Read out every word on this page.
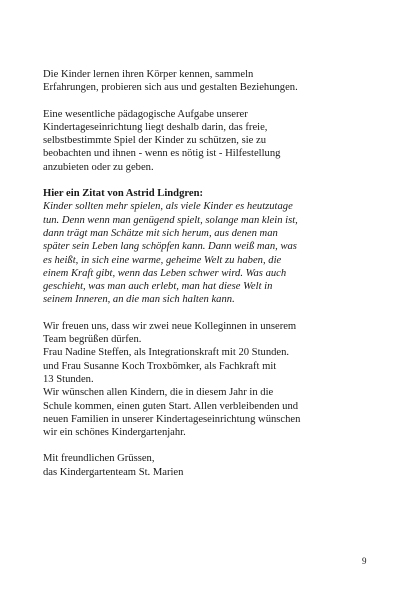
Die Kinder lernen ihren Körper kennen, sammeln
Erfahrungen, probieren sich aus und gestalten Beziehungen.
Eine wesentliche pädagogische Aufgabe unserer
Kindertageseinrichtung liegt deshalb darin, das freie,
selbstbestimmte Spiel der Kinder zu schützen, sie zu
beobachten und ihnen - wenn es nötig ist - Hilfestellung
anzubieten oder zu geben.
Hier ein Zitat von Astrid Lindgren:
Kinder sollten mehr spielen, als viele Kinder es heutzutage
tun. Denn wenn man genügend spielt, solange man klein ist,
dann trägt man Schätze mit sich herum, aus denen man
später sein Leben lang schöpfen kann. Dann weiß man, was
es heißt, in sich eine warme, geheime Welt zu haben, die
einem Kraft gibt, wenn das Leben schwer wird. Was auch
geschieht, was man auch erlebt, man hat diese Welt in
seinem Inneren, an die man sich halten kann.
Wir freuen uns, dass wir zwei neue Kolleginnen in unserem
Team begrüßen dürfen.
Frau Nadine Steffen, als Integrationskraft mit 20 Stunden.
und Frau Susanne Koch Troxbömker, als Fachkraft mit
13 Stunden.
Wir wünschen allen Kindern, die in diesem Jahr in die
Schule kommen, einen guten Start. Allen verbleibenden und
neuen Familien in unserer Kindertageseinrichtung wünschen
wir ein schönes Kindergartenjahr.
Mit freundlichen Grüssen,
das Kindergartenteam St. Marien
9
